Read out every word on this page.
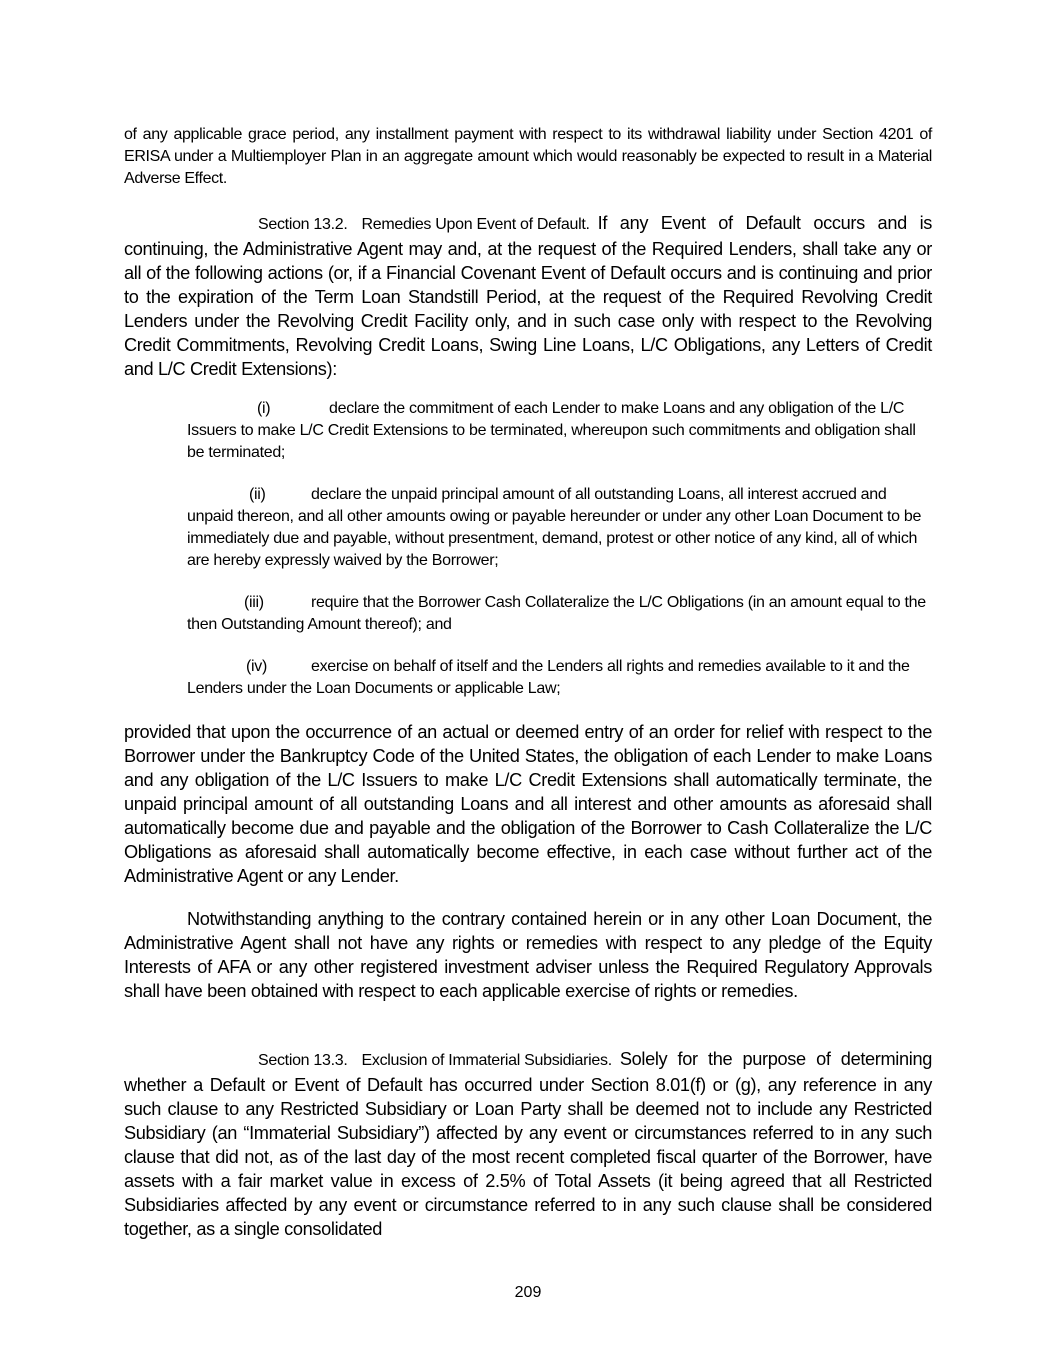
of any applicable grace period, any installment payment with respect to its withdrawal liability under Section 4201 of ERISA under a Multiemployer Plan in an aggregate amount which would reasonably be expected to result in a Material Adverse Effect.

Section 13.2. Remedies Upon Event of Default. If any Event of Default occurs and is continuing, the Administrative Agent may and, at the request of the Required Lenders, shall take any or all of the following actions (or, if a Financial Covenant Event of Default occurs and is continuing and prior to the expiration of the Term Loan Standstill Period, at the request of the Required Revolving Credit Lenders under the Revolving Credit Facility only, and in such case only with respect to the Revolving Credit Commitments, Revolving Credit Loans, Swing Line Loans, L/C Obligations, any Letters of Credit and L/C Credit Extensions):

(i)	declare the commitment of each Lender to make Loans and any obligation of the L/C Issuers to make L/C Credit Extensions to be terminated, whereupon such commitments and obligation shall be terminated;

(ii)	declare the unpaid principal amount of all outstanding Loans, all interest accrued and unpaid thereon, and all other amounts owing or payable hereunder or under any other Loan Document to be immediately due and payable, without presentment, demand, protest or other notice of any kind, all of which are hereby expressly waived by the Borrower;

(iii)	require that the Borrower Cash Collateralize the L/C Obligations (in an amount equal to the then Outstanding Amount thereof); and

(iv)	exercise on behalf of itself and the Lenders all rights and remedies available to it and the Lenders under the Loan Documents or applicable Law;

provided that upon the occurrence of an actual or deemed entry of an order for relief with respect to the Borrower under the Bankruptcy Code of the United States, the obligation of each Lender to make Loans and any obligation of the L/C Issuers to make L/C Credit Extensions shall automatically terminate, the unpaid principal amount of all outstanding Loans and all interest and other amounts as aforesaid shall automatically become due and payable and the obligation of the Borrower to Cash Collateralize the L/C Obligations as aforesaid shall automatically become effective, in each case without further act of the Administrative Agent or any Lender.

Notwithstanding anything to the contrary contained herein or in any other Loan Document, the Administrative Agent shall not have any rights or remedies with respect to any pledge of the Equity Interests of AFA or any other registered investment adviser unless the Required Regulatory Approvals shall have been obtained with respect to each applicable exercise of rights or remedies.

Section 13.3. Exclusion of Immaterial Subsidiaries. Solely for the purpose of determining whether a Default or Event of Default has occurred under Section 8.01(f) or (g), any reference in any such clause to any Restricted Subsidiary or Loan Party shall be deemed not to include any Restricted Subsidiary (an “Immaterial Subsidiary”) affected by any event or circumstances referred to in any such clause that did not, as of the last day of the most recent completed fiscal quarter of the Borrower, have assets with a fair market value in excess of 2.5% of Total Assets (it being agreed that all Restricted Subsidiaries affected by any event or circumstance referred to in any such clause shall be considered together, as a single consolidated

209
